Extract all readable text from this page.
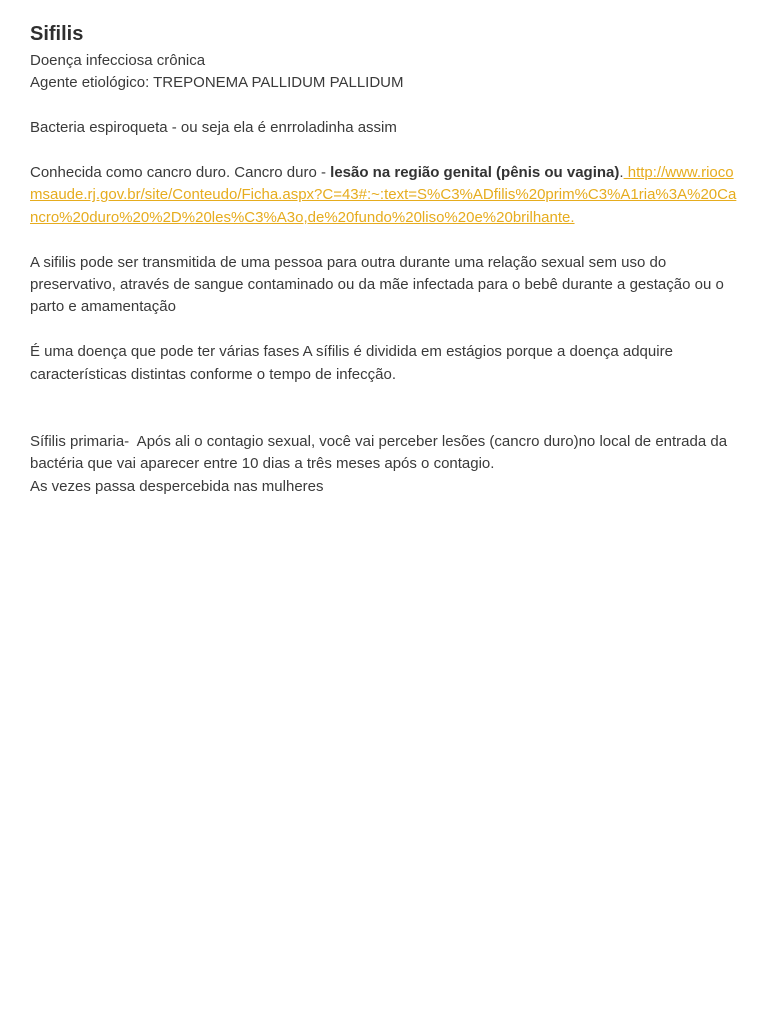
Sifilis

Doença infecciosa crônica

Agente etiológico: TREPONEMA PALLIDUM PALLIDUM

Bacteria espiroqueta - ou seja ela é enrroladinha assim

Conhecida como cancro duro. Cancro duro - lesão na região genital (pênis ou vagina). http://www.riocomsaude.rj.gov.br/site/Conteudo/Ficha.aspx?C=43#:~:text=S%C3%ADfilis%20prim%C3%A1ria%3A%20Cancro%20duro%20%2D%20les%C3%A3o,de%20fundo%20liso%20e%20brilhante.

A sifilis pode ser transmitida de uma pessoa para outra durante uma relação sexual sem uso do preservativo, através de sangue contaminado ou da mãe infectada para o bebê durante a gestação ou o parto e amamentação

É uma doença que pode ter várias fases A sífilis é dividida em estágios porque a doença adquire características distintas conforme o tempo de infecção.

Sífilis primaria-  Após ali o contagio sexual, você vai perceber lesões (cancro duro)no local de entrada da bactéria que vai aparecer entre 10 dias a três meses após o contagio.

As vezes passa despercebida nas mulheres
